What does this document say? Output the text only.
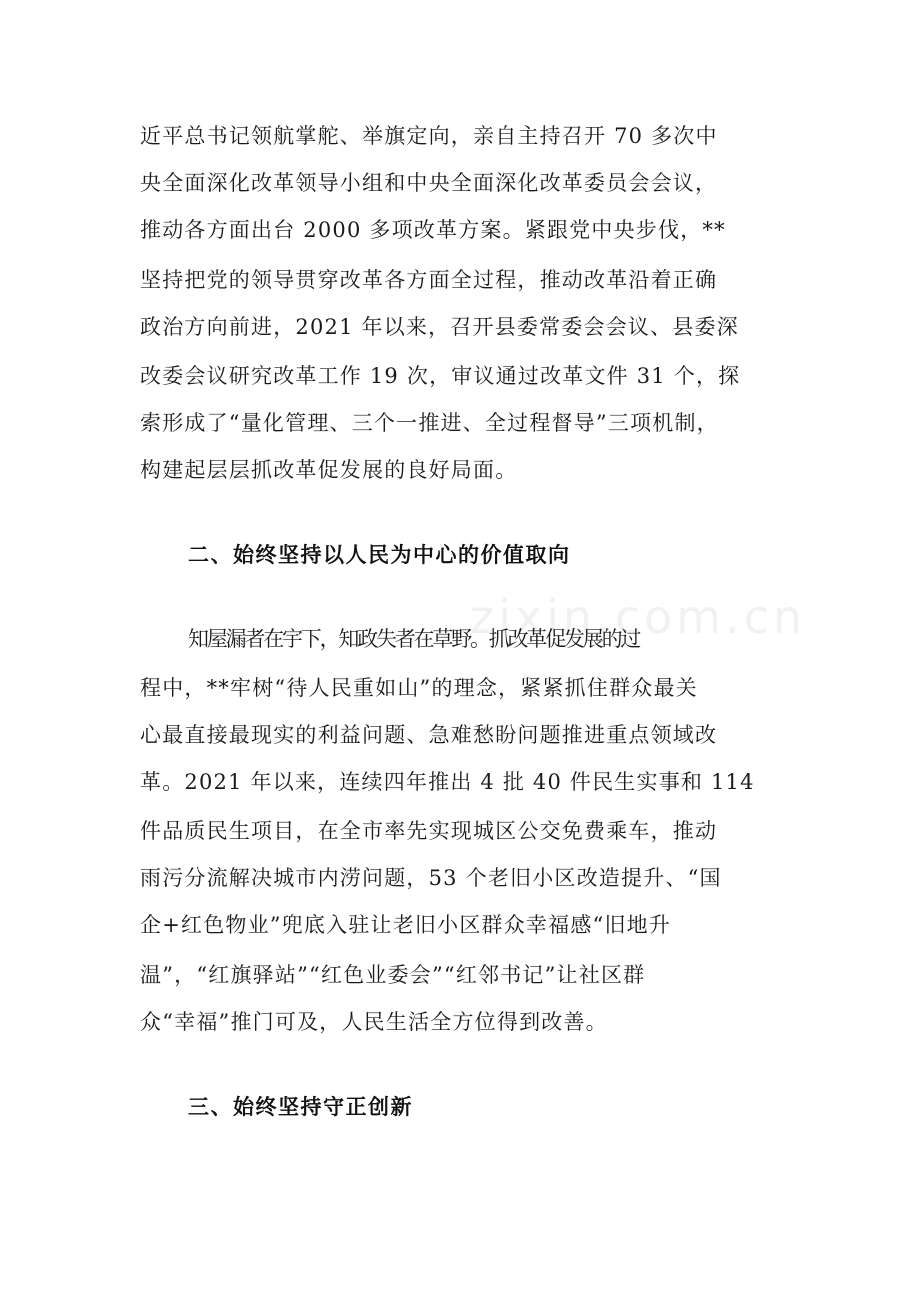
zixin.com.cn
近平总书记领航掌舵、举旗定向，亲自主持召开 70 多次中
央全面深化改革领导小组和中央全面深化改革委员会会议，
推动各方面出台 2000 多项改革方案。紧跟党中央步伐，**
坚持把党的领导贯穿改革各方面全过程，推动改革沿着正确
政治方向前进，2021 年以来，召开县委常委会会议、县委深
改委会议研究改革工作 19 次，审议通过改革文件 31 个，探
索形成了“量化管理、三个一推进、全过程督导”三项机制，
构建起层层抓改革促发展的良好局面。
二、始终坚持以人民为中心的价值取向
知屋漏者在宇下，知政失者在草野。抓改革促发展的过
程中，**牢树“待人民重如山”的理念，紧紧抓住群众最关
心最直接最现实的利益问题、急难愁盼问题推进重点领域改
革。2021 年以来，连续四年推出 4 批 40 件民生实事和 114
件品质民生项目，在全市率先实现城区公交免费乘车，推动
雨污分流解决城市内涝问题，53 个老旧小区改造提升、“国
企+红色物业”兜底入驻让老旧小区群众幸福感“旧地升
温”，“红旗驿站”“红色业委会”“红邻书记”让社区群
众“幸福”推门可及，人民生活全方位得到改善。
三、始终坚持守正创新
